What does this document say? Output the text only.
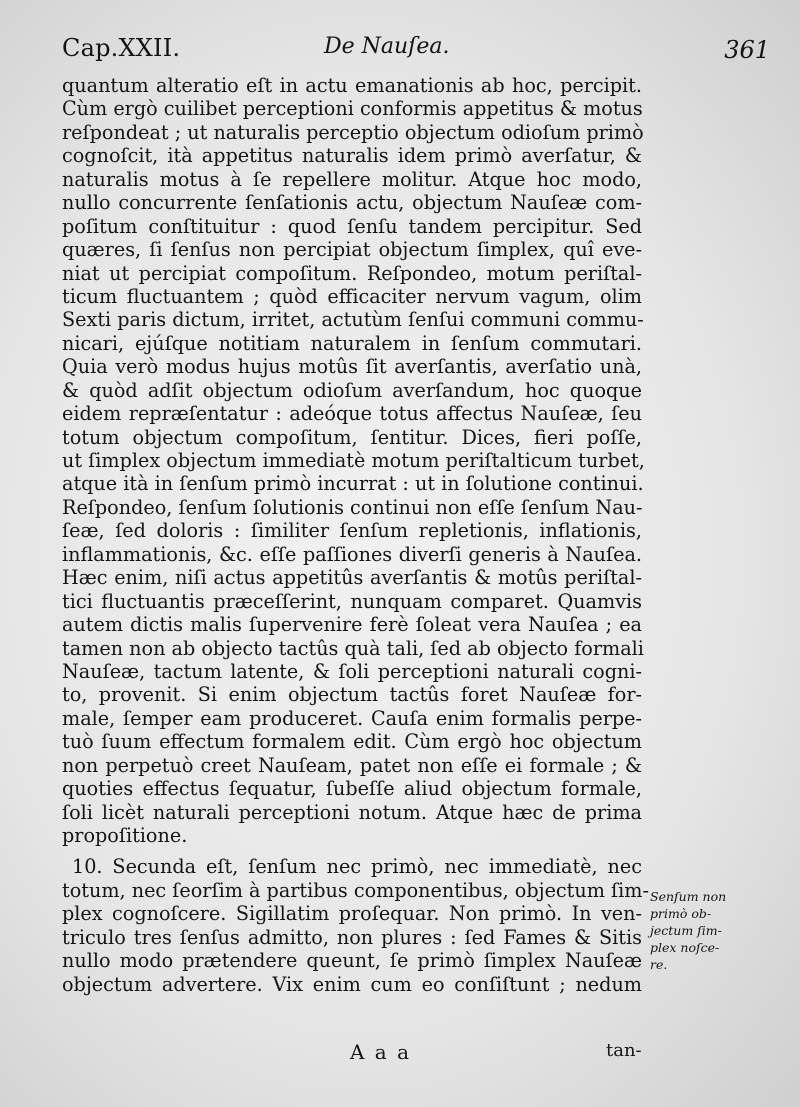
Cap.XXII.	De Nauſea.	361
quantum alteratio eſt in actu emanationis ab hoc, percipit.
Cùm ergò cuilibet perceptioni conformis appetitus & motus
reſpondeat ; ut naturalis perceptio objectum odioſum primò
cognoſcit, ità appetitus naturalis idem primò averſatur, &
naturalis motus à ſe repellere molitur. Atque hoc modo,
nullo concurrente ſenſationis actu, objectum Nauſeæ com-
poſitum conſtituitur : quod ſenſu tandem percipitur. Sed
quæres, ſi ſenſus non percipiat objectum ſimplex, quî eve-
niat ut percipiat compoſitum. Reſpondeo, motum periſtal-
ticum fluctuantem ; quòd efficaciter nervum vagum, olim
Sexti paris dictum, irritet, actutùm ſenſui communi commu-
nicari, ejúſque notitiam naturalem in ſenſum commutari.
Quia verò modus hujus motûs ſit averſantis, averſatio unà,
& quòd adſit objectum odioſum averſandum, hoc quoque
eidem repræſentatur : adeóque totus affectus Nauſeæ, ſeu
totum objectum compoſitum, ſentitur. Dices, fieri poſſe,
ut ſimplex objectum immediatè motum periſtalticum turbet,
atque ità in ſenſum primò incurrat : ut in ſolutione continui.
Reſpondeo, ſenſum ſolutionis continui non eſſe ſenſum Nau-
ſeæ, ſed doloris : ſimiliter ſenſum repletionis, inflationis,
inflammationis, &c. eſſe paſſiones diverſi generis à Nauſea.
Hæc enim, niſi actus appetitûs averſantis & motûs periſtal-
tici fluctuantis præceſſerint, nunquam comparet. Quamvis
autem dictis malis ſupervenire ferè ſoleat vera Nauſea ; ea
tamen non ab objecto tactûs quà tali, ſed ab objecto formali
Nauſeæ, tactum latente, & ſoli perceptioni naturali cogni-
to, provenit. Si enim objectum tactûs foret Nauſeæ for-
male, ſemper eam produceret. Cauſa enim formalis perpe-
tuò ſuum effectum formalem edit. Cùm ergò hoc objectum
non perpetuò creet Nauſeam, patet non eſſe ei formale ; &
quoties effectus ſequatur, ſubeſſe aliud objectum formale,
ſoli licèt naturali perceptioni notum. Atque hæc de prima
propoſitione.
10. Secunda eſt, ſenſum nec primò, nec immediatè, nec
totum, nec ſeorſim à partibus componentibus, objectum ſim-
plex cognoſcere. Sigillatim proſequar. Non primò. In ven-
triculo tres ſenſus admitto, non plures : ſed Fames & Sitis
nullo modo prætendere queunt, ſe primò ſimplex Nauſeæ
objectum advertere. Vix enim cum eo conſiſtunt ; nedum
Senſum non
primò ob-
jectum ſim-
plex noſce-
re.
A a a	tan-
